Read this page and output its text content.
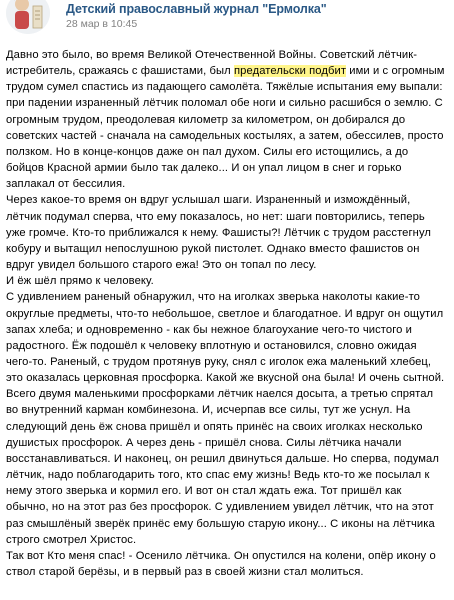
Детский православный журнал "Ермолка"
28 мар в 10:45

Давно это было, во время Великой Отечественной Войны. Советский лётчик-истребитель, сражаясь с фашистами, был предательски подбит ими и с огромным трудом сумел спастись из падающего самолёта. Тяжёлые испытания ему выпали: при падении израненный лётчик поломал обе ноги и сильно расшибся о землю. С огромным трудом, преодолевая километр за километром, он добирался до советских частей - сначала на самодельных костылях, а затем, обессилев, просто ползком. Но в конце-концов даже он пал духом. Силы его истощились, а до бойцов Красной армии было так далеко... И он упал лицом в снег и горько заплакал от бессилия.

Через какое-то время он вдруг услышал шаги. Израненный и измождённый, лётчик подумал сперва, что ему показалось, но нет: шаги повторились, теперь уже громче. Кто-то приближался к нему. Фашисты?! Лётчик с трудом расстегнул кобуру и вытащил непослушною рукой пистолет. Однако вместо фашистов он вдруг увидел большого старого ежа! Это он топал по лесу.

И ёж шёл прямо к человеку.

С удивлением раненый обнаружил, что на иголках зверька наколоты какие-то округлые предметы, что-то небольшое, светлое и благодатное. И вдруг он ощутил запах хлеба; и одновременно - как бы нежное благоухание чего-то чистого и радостного. Ёж подошёл к человеку вплотную и остановился, словно ожидая чего-то. Раненый, с трудом протянув руку, снял с иголок ежа маленький хлебец, это оказалась церковная просфорка. Какой же вкусной она была! И очень сытной. Всего двумя маленькими просфорками лётчик наелся досыта, а третью спрятал во внутренний карман комбинезона. И, исчерпав все силы, тут же уснул. На следующий день ёж снова пришёл и опять принёс на своих иголках несколько душистых просфорок. А через день - пришёл снова. Силы лётчика начали восстанавливаться. И наконец, он решил двинуться дальше. Но сперва, подумал лётчик, надо поблагодарить того, кто спас ему жизнь! Ведь кто-то же посылал к нему этого зверька и кормил его. И вот он стал ждать ежа. Тот пришёл как обычно, но на этот раз без просфорок. С удивлением увидел лётчик, что на этот раз смышлёный зверёк принёс ему большую старую икону... С иконы на лётчика строго смотрел Христос.

Так вот Кто меня спас! - Осенило лётчика. Он опустился на колени, опёр икону о ствол старой берёзы, и в первый раз в своей жизни стал молиться.
